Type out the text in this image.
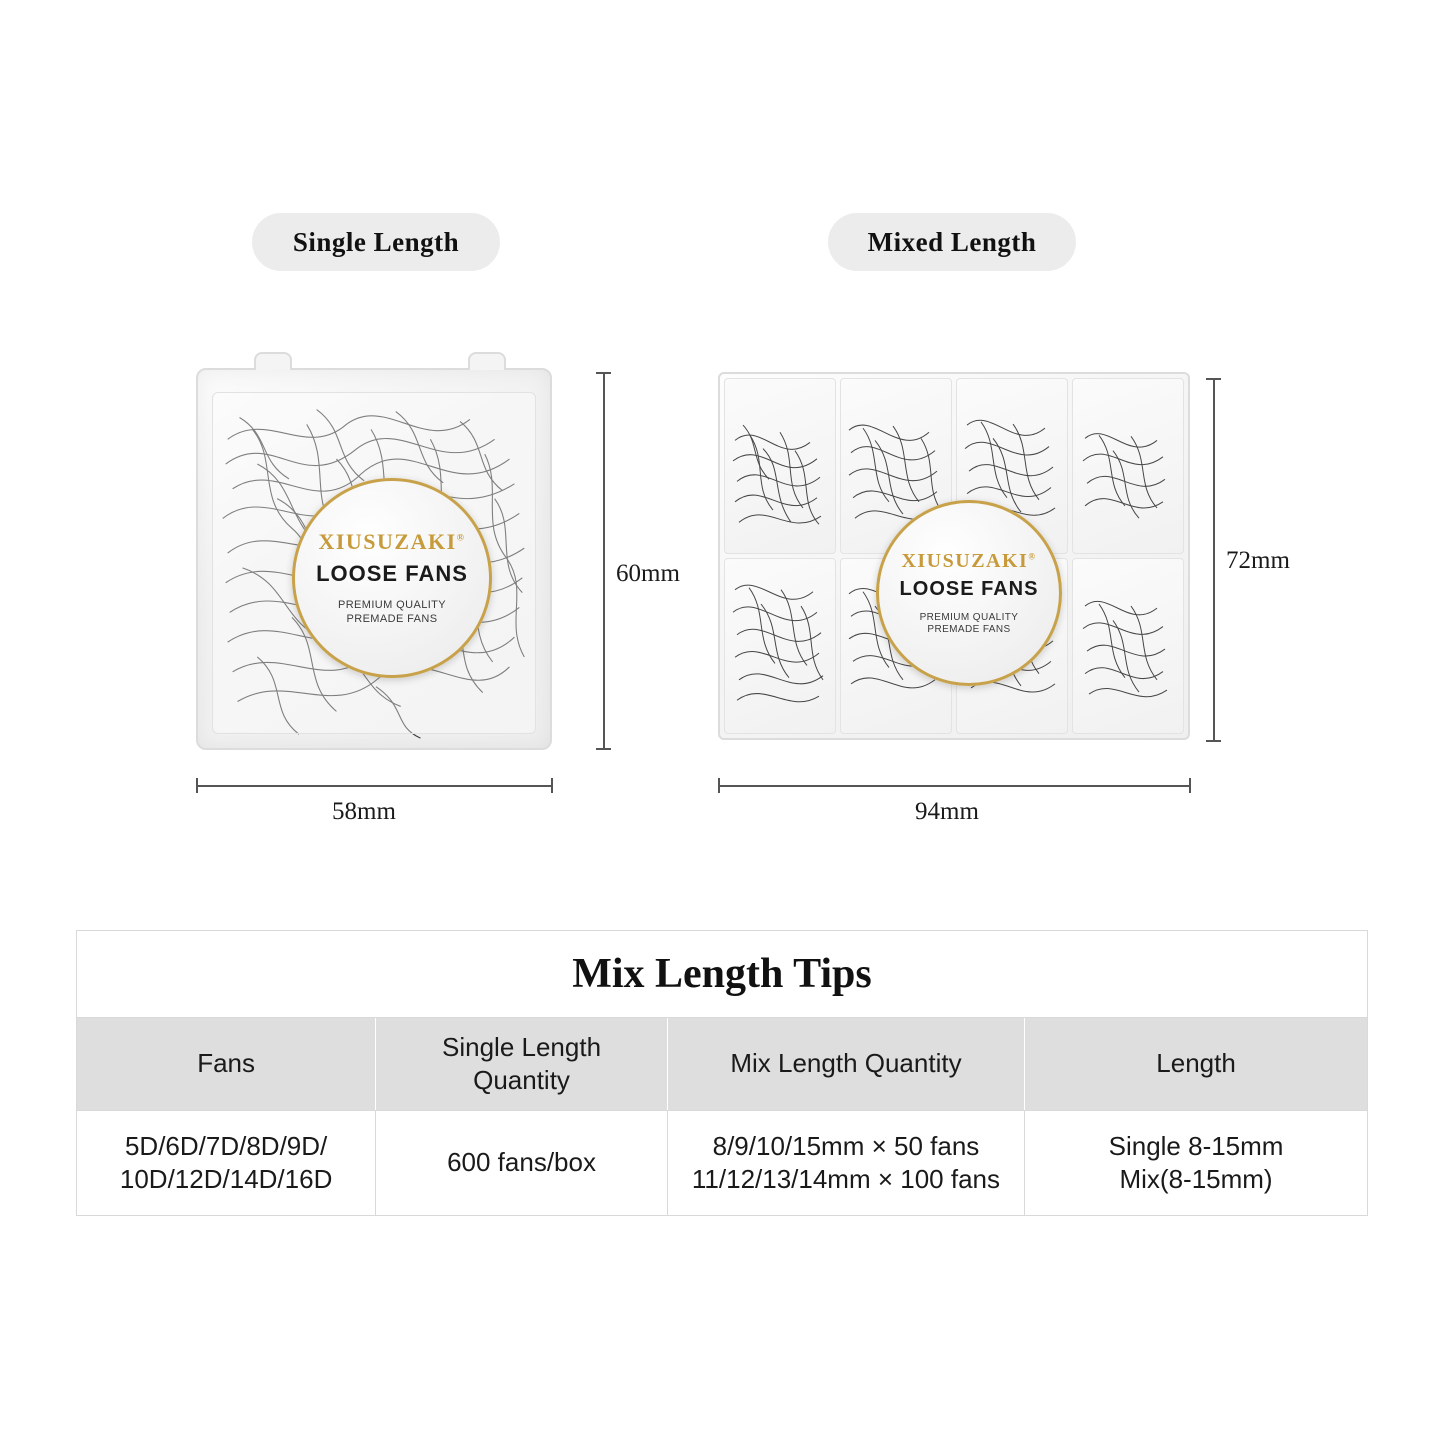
Single Length	Mixed Length
XIUSUZAKI®
LOOSE FANS
PREMIUM QUALITY
PREMADE FANS
60mm
58mm
XIUSUZAKI®
LOOSE FANS
PREMIUM QUALITY
PREMADE FANS
72mm
94mm
Mix Length Tips
Fans
Single Length
Quantity
Mix Length Quantity	Length
5D/6D/7D/8D/9D/
10D/12D/14D/16D
600 fans/box
8/9/10/15mm × 50 fans
11/12/13/14mm × 100 fans
Single 8-15mm
Mix(8-15mm)
